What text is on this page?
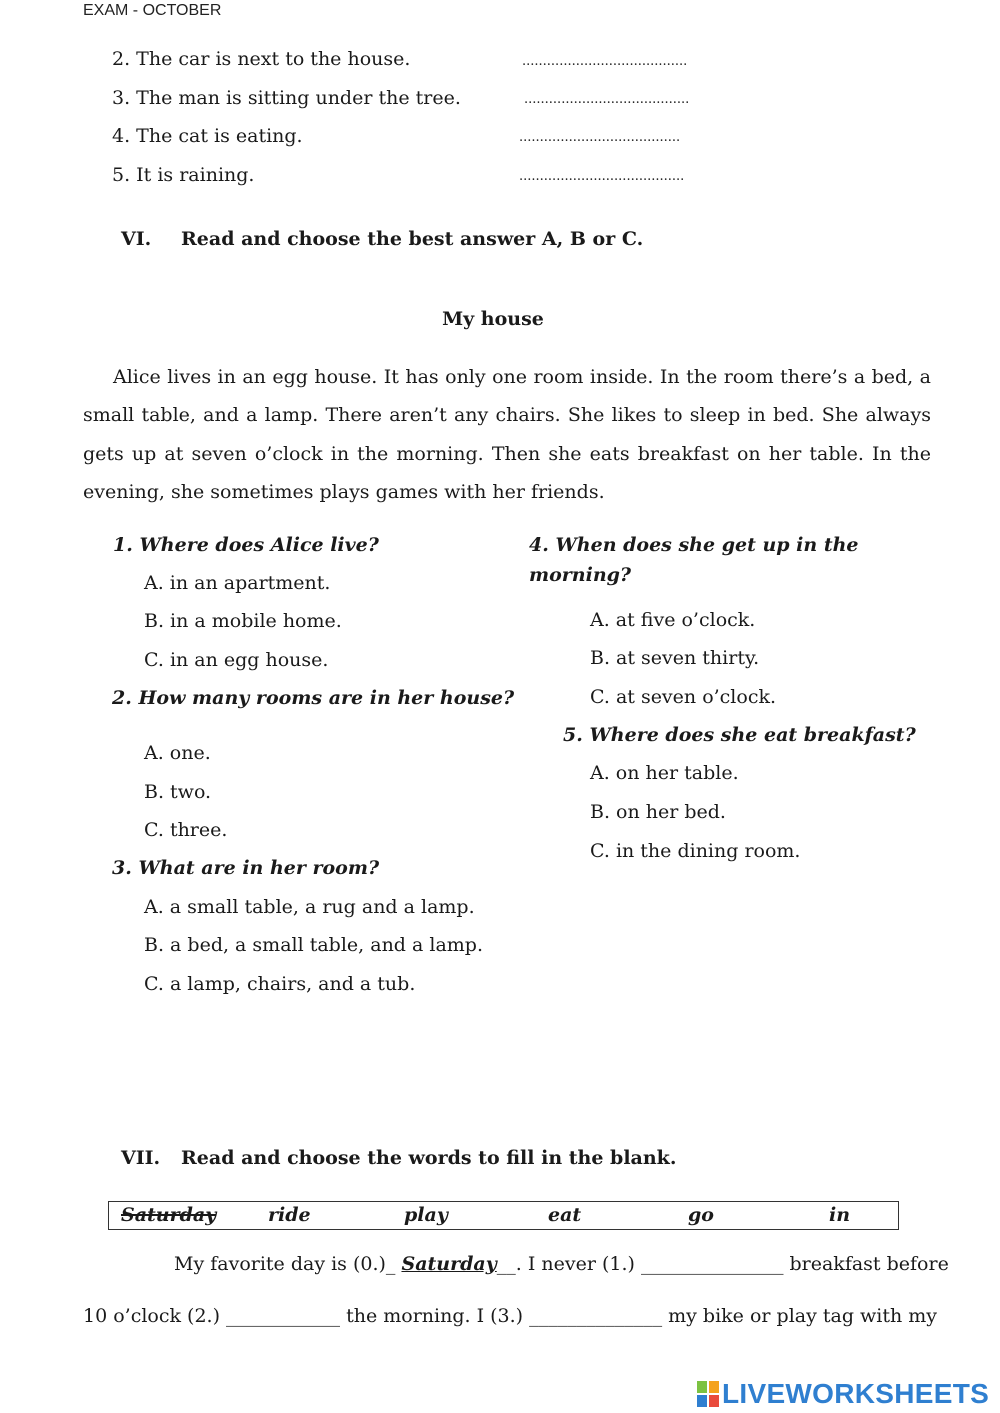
EXAM - OCTOBER
2. The car is next to the house.	........................................
3. The man is sitting under the tree.	........................................
4. The cat is eating.	.......................................
5. It is raining.	........................................
VI. Read and choose the best answer A, B or C.
My house
Alice lives in an egg house. It has only one room inside. In the room there’s a bed, a small table, and a lamp. There aren’t any chairs. She likes to sleep in bed. She always gets up at seven o’clock in the morning. Then she eats breakfast on her table. In the evening, she sometimes plays games with her friends.
1. Where does Alice live?
A. in an apartment.
B. in a mobile home.
C. in an egg house.
2. How many rooms are in her house?
A. one.
B. two.
C. three.
3. What are in her room?
A. a small table, a rug and a lamp.
B. a bed, a small table, and a lamp.
C. a lamp, chairs, and a tub.
4. When does she get up in the
morning?
A. at five o’clock.
B. at seven thirty.
C. at seven o’clock.
5. Where does she eat breakfast?
A. on her table.
B. on her bed.
C. in the dining room.
VII. Read and choose the words to fill in the blank.
Saturday	ride	play	eat	go	in
My favorite day is (0.)_ Saturday__. I never (1.) _______________ breakfast before
10 o’clock (2.) ____________ the morning. I (3.) ______________ my bike or play tag with my
LIVEWORKSHEETS
